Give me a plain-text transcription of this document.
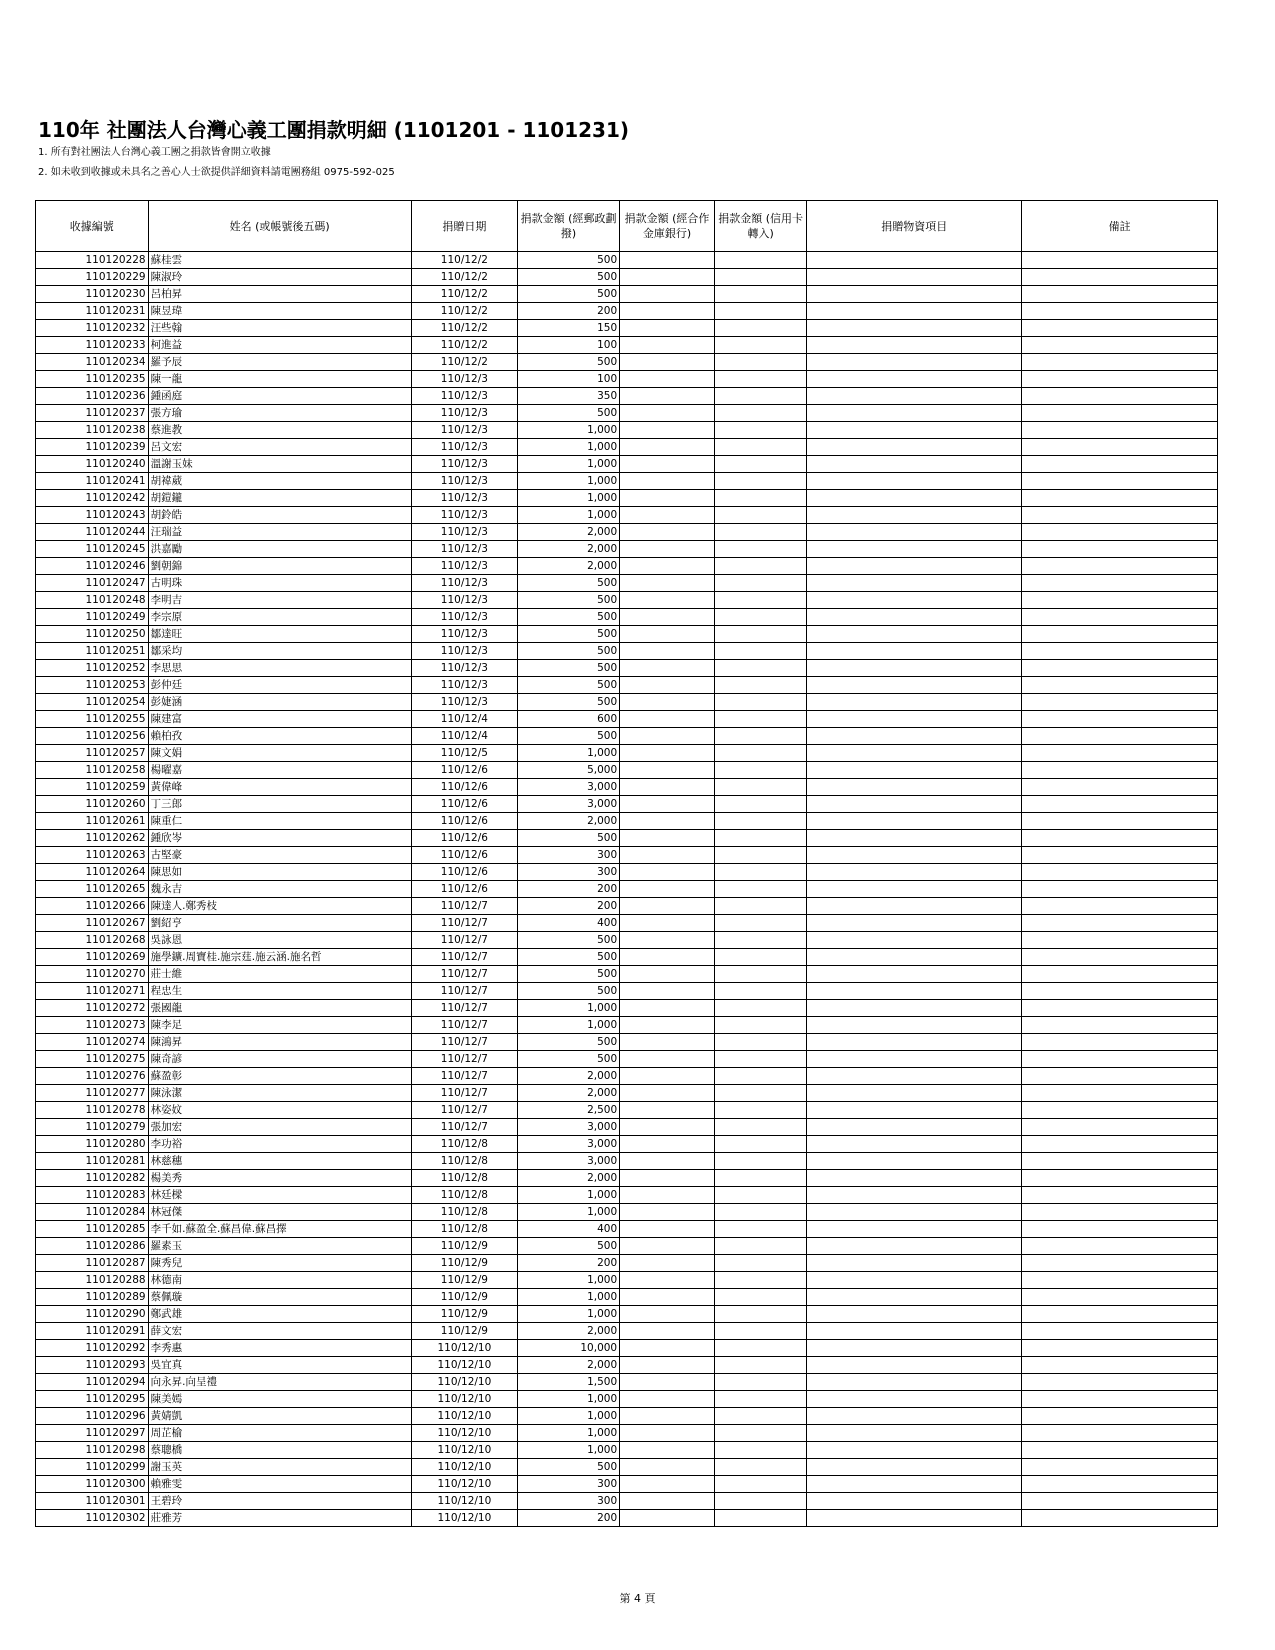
110年 社團法人台灣心義工團捐款明細 (1101201 - 1101231)
1. 所有對社團法人台灣心義工團之捐款皆會開立收據
2. 如未收到收據或未具名之善心人士欲提供詳細資料請電團務組 0975-592-025
收據編號	姓名 (或帳號後五碼)	捐贈日期	捐款金額 (經郵政劃撥)	捐款金額 (經合作金庫銀行)	捐款金額 (信用卡轉入)	捐贈物資項目	備註
110120228	蘇桂雲	110/12/2	500				
110120229	陳淑玲	110/12/2	500				
110120230	呂柏昇	110/12/2	500				
110120231	陳昱瑋	110/12/2	200				
110120232	汪些翰	110/12/2	150				
110120233	柯進益	110/12/2	100				
110120234	羅予辰	110/12/2	500				
110120235	陳一龍	110/12/3	100				
110120236	鍾函庭	110/12/3	350				
110120237	張方瑜	110/12/3	500				
110120238	蔡進教	110/12/3	1,000				
110120239	呂文宏	110/12/3	1,000				
110120240	溫謝玉妹	110/12/3	1,000				
110120241	胡褘葳	110/12/3	1,000				
110120242	胡鎧鑨	110/12/3	1,000				
110120243	胡鈴皓	110/12/3	1,000				
110120244	汪瑞益	110/12/3	2,000				
110120245	洪嘉勵	110/12/3	2,000				
110120246	劉朝錦	110/12/3	2,000				
110120247	古明珠	110/12/3	500				
110120248	李明吉	110/12/3	500				
110120249	李宗原	110/12/3	500				
110120250	鄒達旺	110/12/3	500				
110120251	鄒采均	110/12/3	500				
110120252	李思思	110/12/3	500				
110120253	彭仲廷	110/12/3	500				
110120254	彭婕涵	110/12/3	500				
110120255	陳建富	110/12/4	600				
110120256	賴柏孜	110/12/4	500				
110120257	陳文娟	110/12/5	1,000				
110120258	楊曜嘉	110/12/6	5,000				
110120259	黃偉峰	110/12/6	3,000				
110120260	丁三郎	110/12/6	3,000				
110120261	陳重仁	110/12/6	2,000				
110120262	鍾欣岑	110/12/6	500				
110120263	古堅豪	110/12/6	300				
110120264	陳思如	110/12/6	300				
110120265	魏永吉	110/12/6	200				
110120266	陳達人.鄭秀枝	110/12/7	200				
110120267	劉紹亨	110/12/7	400				
110120268	吳詠恩	110/12/7	500				
110120269	施學鑛.周寶桂.施宗莛.施云涵.施名哲	110/12/7	500				
110120270	莊士維	110/12/7	500				
110120271	程忠生	110/12/7	500				
110120272	張國龍	110/12/7	1,000				
110120273	陳李足	110/12/7	1,000				
110120274	陳鴻昇	110/12/7	500				
110120275	陳奇諺	110/12/7	500				
110120276	蘇盈彰	110/12/7	2,000				
110120277	陳泳潔	110/12/7	2,000				
110120278	林姿妏	110/12/7	2,500				
110120279	張加宏	110/12/7	3,000				
110120280	李功裕	110/12/8	3,000				
110120281	林慈穗	110/12/8	3,000				
110120282	楊美秀	110/12/8	2,000				
110120283	林廷樑	110/12/8	1,000				
110120284	林冠傑	110/12/8	1,000				
110120285	李千如.蘇盈全.蘇昌偉.蘇昌擇	110/12/8	400				
110120286	羅素玉	110/12/9	500				
110120287	陳秀兒	110/12/9	200				
110120288	林德南	110/12/9	1,000				
110120289	蔡佩璇	110/12/9	1,000				
110120290	鄭武雄	110/12/9	1,000				
110120291	薛文宏	110/12/9	2,000				
110120292	李秀惠	110/12/10	10,000				
110120293	吳宜真	110/12/10	2,000				
110120294	向永昇.向呈禮	110/12/10	1,500				
110120295	陳美嫣	110/12/10	1,000				
110120296	黃婧凱	110/12/10	1,000				
110120297	周芷榆	110/12/10	1,000				
110120298	蔡聰橋	110/12/10	1,000				
110120299	謝玉英	110/12/10	500				
110120300	賴雅雯	110/12/10	300				
110120301	王碧玲	110/12/10	300				
110120302	莊雅芳	110/12/10	200				
第 4 頁
